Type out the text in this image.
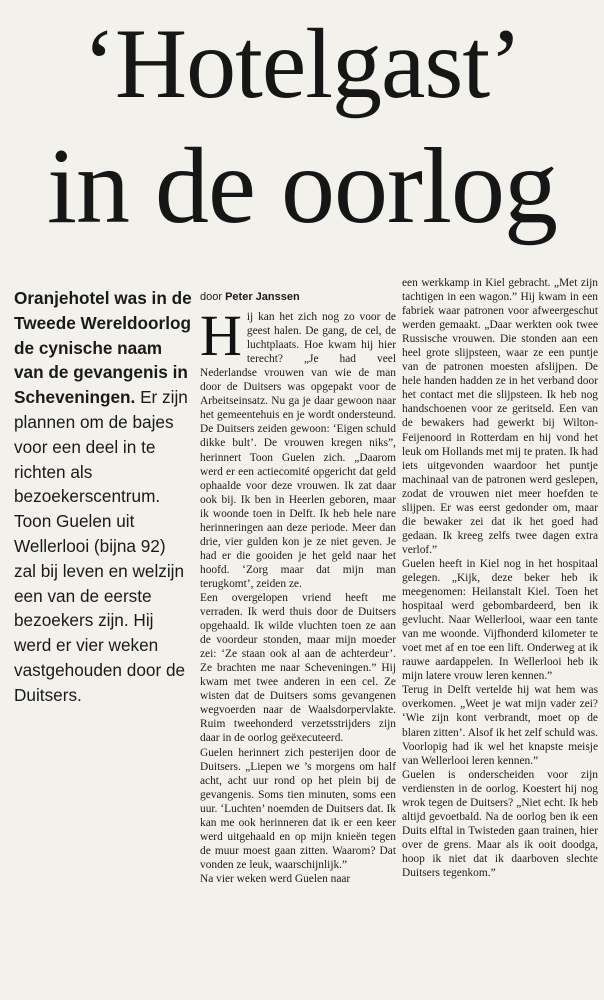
‘Hotelgast’
in de oorlog
Oranjehotel was in de Tweede Wereldoorlog de cynische naam van de gevangenis in Scheveningen. Er zijn plannen om de bajes voor een deel in te richten als bezoekerscentrum. Toon Guelen uit Wellerlooi (bijna 92) zal bij leven en welzijn een van de eerste bezoekers zijn. Hij werd er vier weken vastgehouden door de Duitsers.
door Peter Janssen

Hij kan het zich nog zo voor de geest halen. De gang, de cel, de luchtplaats. Hoe kwam hij hier terecht? „Je had veel Nederlandse vrouwen van wie de man door de Duitsers was opgepakt voor de Arbeitseinsatz. Nu ga je daar gewoon naar het gemeentehuis en je wordt ondersteund. De Duitsers zeiden gewoon: ‘Eigen schuld dikke bult’. De vrouwen kregen niks”, herinnert Toon Guelen zich. „Daarom werd er een actiecomité opgericht dat geld ophaalde voor deze vrouwen. Ik zat daar ook bij. Ik ben in Heerlen geboren, maar ik woonde toen in Delft. Ik heb hele nare herinneringen aan deze periode. Meer dan drie, vier gulden kon je ze niet geven. Je had er die gooiden je het geld naar het hoofd. ‘Zorg maar dat mijn man terugkomt’, zeiden ze.

Een overgelopen vriend heeft me verraden. Ik werd thuis door de Duitsers opgehaald. Ik wilde vluchten toen ze aan de voordeur stonden, maar mijn moeder zei: ‘Ze staan ook al aan de achterdeur’. Ze brachten me naar Scheveningen.” Hij kwam met twee anderen in een cel. Ze wisten dat de Duitsers soms gevangenen wegvoerden naar de Waalsdorpervlakte. Ruim tweehonderd verzetsstrijders zijn daar in de oorlog geëxecuteerd.

Guelen herinnert zich pesterijen door de Duitsers. „Liepen we ’s morgens om half acht, acht uur rond op het plein bij de gevangenis. Soms tien minuten, soms een uur. ‘Luchten’ noemden de Duitsers dat. Ik kan me ook herinneren dat ik er een keer werd uitgehaald en op mijn knieën tegen de muur moest gaan zitten. Waarom? Dat vonden ze leuk, waarschijnlijk.”

Na vier weken werd Guelen naar

een werkkamp in Kiel gebracht. „Met zijn tachtigen in een wagon.” Hij kwam in een fabriek waar patronen voor afweergeschut werden gemaakt. „Daar werkten ook twee Russische vrouwen. Die stonden aan een heel grote slijpsteen, waar ze een puntje van de patronen moesten afslijpen. De hele handen hadden ze in het verband door het contact met die slijpsteen. Ik heb nog handschoenen voor ze geritseld. Een van de bewakers had gewerkt bij Wilton-Feijenoord in Rotterdam en hij vond het leuk om Hollands met mij te praten. Ik had iets uitgevonden waardoor het puntje machinaal van de patronen werd geslepen, zodat de vrouwen niet meer hoefden te slijpen. Er was eerst gedonder om, maar die bewaker zei dat ik het goed had gedaan. Ik kreeg zelfs twee dagen extra verlof.”

Guelen heeft in Kiel nog in het hospitaal gelegen. „Kijk, deze beker heb ik meegenomen: Heilanstalt Kiel. Toen het hospitaal werd gebombardeerd, ben ik gevlucht. Naar Wellerlooi, waar een tante van me woonde. Vijfhonderd kilometer te voet met af en toe een lift. Onderweg at ik rauwe aardappelen. In Wellerlooi heb ik mijn latere vrouw leren kennen.”

Terug in Delft vertelde hij wat hem was overkomen. „Weet je wat mijn vader zei? ‘Wie zijn kont verbrandt, moet op de blaren zitten’. Alsof ik het zelf schuld was. Voorlopig had ik wel het knapste meisje van Wellerlooi leren kennen.”

Guelen is onderscheiden voor zijn verdiensten in de oorlog. Koestert hij nog wrok tegen de Duitsers? „Niet echt. Ik heb altijd gevoetbald. Na de oorlog ben ik een Duits elftal in Twisteden gaan trainen, hier over de grens. Maar als ik ooit doodga, hoop ik niet dat ik daarboven slechte Duitsers tegenkom.”
